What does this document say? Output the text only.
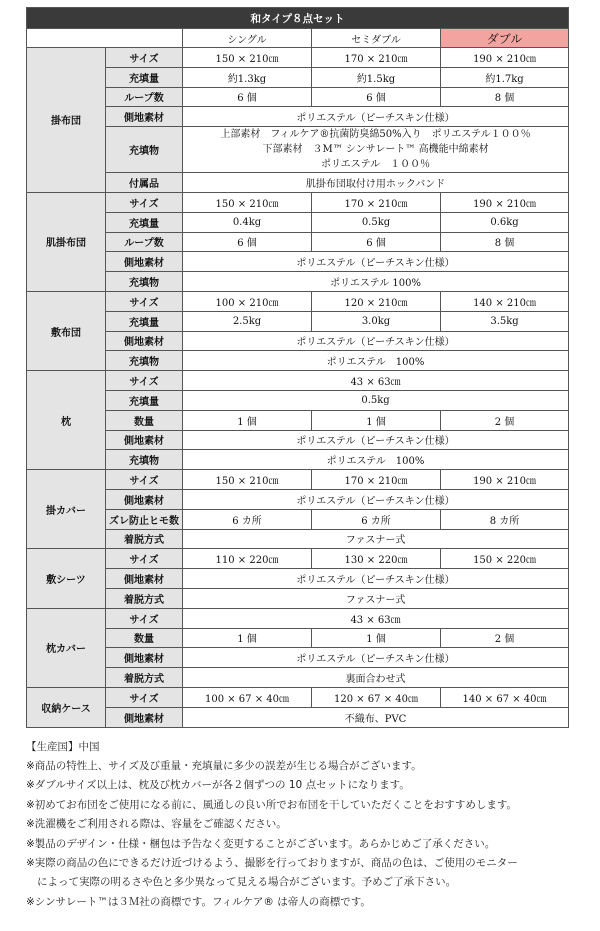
和タイプ８点セット				
		シングル	セミダブル	ダブル
掛布団	サイズ	150 × 210㎝	170 × 210㎝	190 × 210㎝
	充填量	約1.3kg	約1.5kg	約1.7kg
	ループ数	6 個	6 個	8 個
	側地素材	ポリエステル（ピーチスキン仕様）		
	充填物	上部素材　フィルケア®抗菌防臭綿50%入り　ポリエステル１００％
下部素材　３M™ シンサレート™ 高機能中綿素材
ポリエステル　１００％		

	付属品	肌掛布団取付け用ホックバンド		
肌掛布団	サイズ	150 × 210㎝	170 × 210㎝	190 × 210㎝
	充填量	0.4kg	0.5kg	0.6kg
	ループ数	6 個	6 個	8 個
	側地素材	ポリエステル（ピーチスキン仕様）		
	充填物	ポリエステル 100%		
敷布団	サイズ	100 × 210㎝	120 × 210㎝	140 × 210㎝
	充填量	2.5kg	3.0kg	3.5kg
	側地素材	ポリエステル（ピーチスキン仕様）		
	充填物	ポリエステル　100%		
枕	サイズ	43 × 63㎝		
	充填量	0.5kg		
	数量	1 個	1 個	2 個
	側地素材	ポリエステル（ピーチスキン仕様）		
	充填物	ポリエステル　100%		
掛カバー	サイズ	150 × 210㎝	170 × 210㎝	190 × 210㎝
	側地素材	ポリエステル（ピーチスキン仕様）		
	ズレ防止ヒモ数	6 カ所	6 カ所	8 カ所
	着脱方式	ファスナー式		
敷シーツ	サイズ	110 × 220㎝	130 × 220㎝	150 × 220㎝
	側地素材	ポリエステル（ピーチスキン仕様）		
	着脱方式	ファスナー式		
枕カバー	サイズ	43 × 63㎝		
	数量	1 個	1 個	2 個
	側地素材	ポリエステル（ピーチスキン仕様）		
	着脱方式	裏面合わせ式		
収納ケース	サイズ	100 × 67 × 40㎝	120 × 67 × 40㎝	140 × 67 × 40㎝
	側地素材	不織布、PVC		

【生産国】中国

※商品の特性上、サイズ及び重量・充填量に多少の誤差が生じる場合がございます。

※ダブルサイズ以上は、枕及び枕カバーが各２個ずつの 10 点セットになります。

※初めてお布団をご使用になる前に、風通しの良い所でお布団を干していただくことをおすすめします。

※洗濯機をご利用される際は、容量をご確認ください。

※製品のデザイン・仕様・梱包は予告なく変更することがございます。あらかじめご了承ください。

※実際の商品の色にできるだけ近づけるよう、撮影を行っておりますが、商品の色は、ご使用のモニター

によって実際の明るさや色と多少異なって見える場合がございます。予めご了承下さい。

※シンサレート™は３Ｍ社の商標です。フィルケア® は帝人の商標です。
